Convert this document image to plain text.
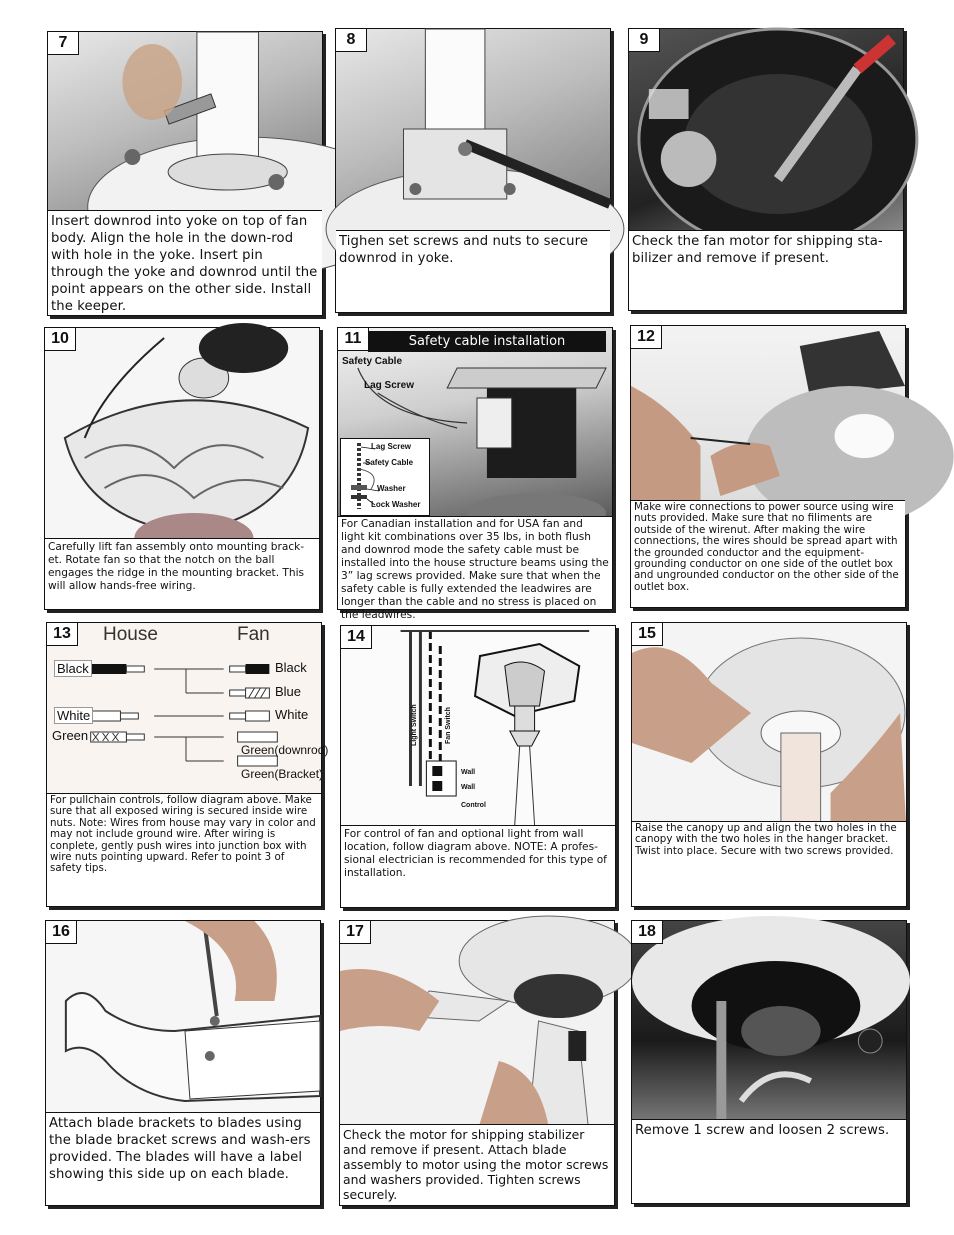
7
Insert downrod into yoke on top of fan body. Align the hole in the down-rod with hole in the yoke. Insert pin through the yoke and downrod until the point appears on the other side. Install the keeper.
8
Tighen set screws and nuts to secure downrod in yoke.
9
Check the fan motor for shipping sta-bilizer and remove if present.
10
Carefully lift fan assembly onto mounting brack-et. Rotate fan so that the notch on the ball engages the ridge in the mounting bracket. This will allow hands-free wiring.
11	Safety cable installation
Safety Cable
Lag Screw
Lag Screw
Safety Cable
Washer
Lock Washer
For Canadian installation and for USA fan and light kit combinations over 35 lbs, in both flush and downrod mode the safety cable must be installed into the house structure beams using the 3” lag screws provided. Make sure that when the safety cable is fully extended the leadwires are longer than the cable and no stress is placed on the leadwires.
12
Make wire connections to power source using wire nuts provided. Make sure that no filiments are outside of the wirenut. After making the wire connections, the wires should be spread apart with the grounded conductor and the equipment-grounding conductor on one side of the outlet box and ungrounded conductor on the other side of the outlet box.
13	House	Fan
Black	Black
Blue
White	White
Green
Green(downrod)
Green(Bracket)
For pullchain controls, follow diagram above. Make sure that all exposed wiring is secured inside wire nuts. Note: Wires from house may vary in color and may not include ground wire. After wiring is conplete, gently push wires into junction box with wire nuts pointing upward. Refer to point 3 of safety tips.
14
Light Switch	Fan Switch
Wall
Wall
Control
For control of fan and optional light from wall location, follow diagram above. NOTE: A profes-sional electrician is recommended for this type of installation.
15
Raise the canopy up and align the two holes in the canopy with the two holes in the hanger bracket. Twist into place. Secure with two screws provided.
16
Attach blade brackets to blades using the blade bracket screws and wash-ers provided. The blades will have a label showing this side up on each blade.
17
Check the motor for shipping stabilizer and remove if present. Attach blade assembly to motor using the motor screws and washers provided. Tighten screws securely.
18
Remove 1 screw and loosen 2 screws.
